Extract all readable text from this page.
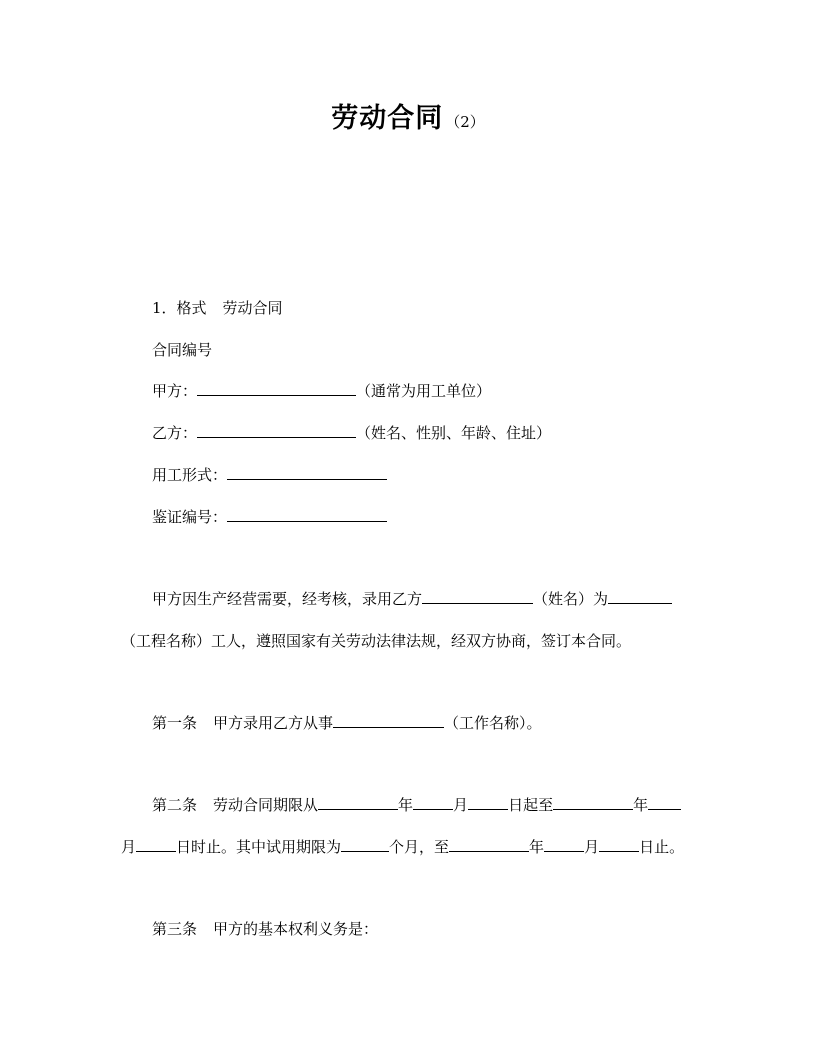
劳动合同 （2）
1．格式 劳动合同
合同编号
甲方：	（通常为用工单位）
乙方：	（姓名、性别、年龄、住址）
用工形式：
鉴证编号：
甲方因生产经营需要，经考核，录用乙方	（姓名）为
（工程名称）工人，遵照国家有关劳动法律法规，经双方协商，签订本合同。
第一条 甲方录用乙方从事	（工作名称）。
第二条 劳动合同期限从	年	月	日起至	年
月	日时止。其中试用期限为	个月，至	年	月	日止。
第三条 甲方的基本权利义务是：
